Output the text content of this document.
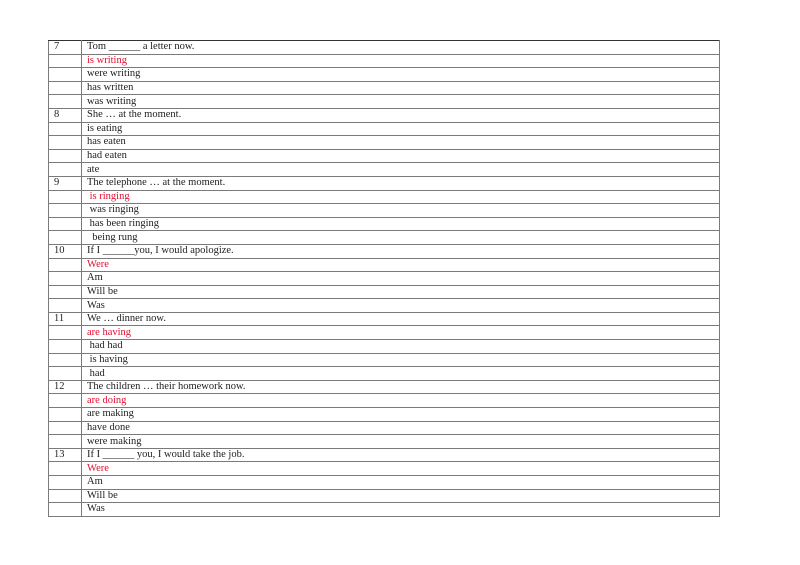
7	Tom ______ a letter now.
	is writing
	were writing
	has written
	was writing
8	She … at the moment.
	is eating
	has eaten
	had eaten
	ate
9	The telephone … at the moment.
	is ringing
	was ringing
	has been ringing
	being rung
10	If I ______you, I would apologize.
	Were
	Am
	Will be
	Was
11	We … dinner now.
	are having
	had had
	is having
	had
12	The children … their homework now.
	are doing
	are making
	have done
	were making
13	If I ______ you, I would take the job.
	Were
	Am
	Will be
	Was
